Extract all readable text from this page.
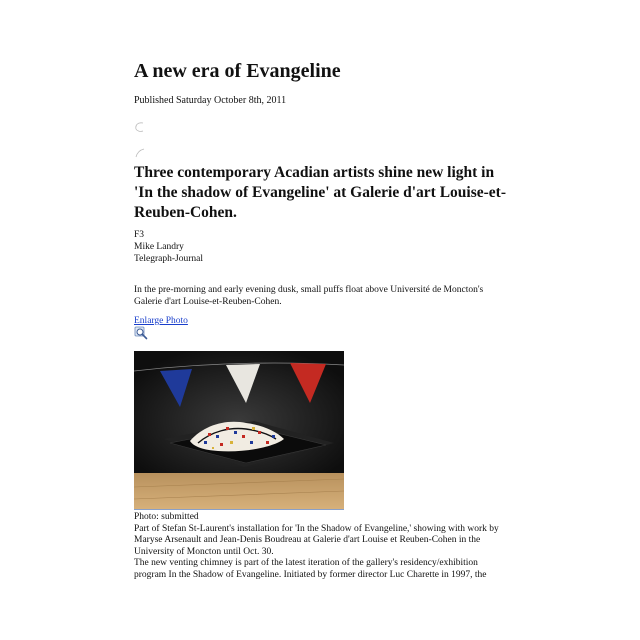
A new era of Evangeline
Published Saturday October 8th, 2011
Three contemporary Acadian artists shine new light in 'In the shadow of Evangeline' at Galerie d'art Louise-et-Reuben-Cohen.
F3
Mike Landry
Telegraph-Journal
In the pre-morning and early evening dusk, small puffs float above Université de Moncton's Galerie d'art Louise-et-Reuben-Cohen.
Enlarge Photo

Photo: submitted

Part of Stefan St-Laurent's installation for 'In the Shadow of Evangeline,' showing with work by Maryse Arsenault and Jean-Denis Boudreau at Galerie d'art Louise et Reuben-Cohen in the University of Moncton until Oct. 30.

The new venting chimney is part of the latest iteration of the gallery's residency/exhibition program In the Shadow of Evangeline. Initiated by former director Luc Charette in 1997, the
